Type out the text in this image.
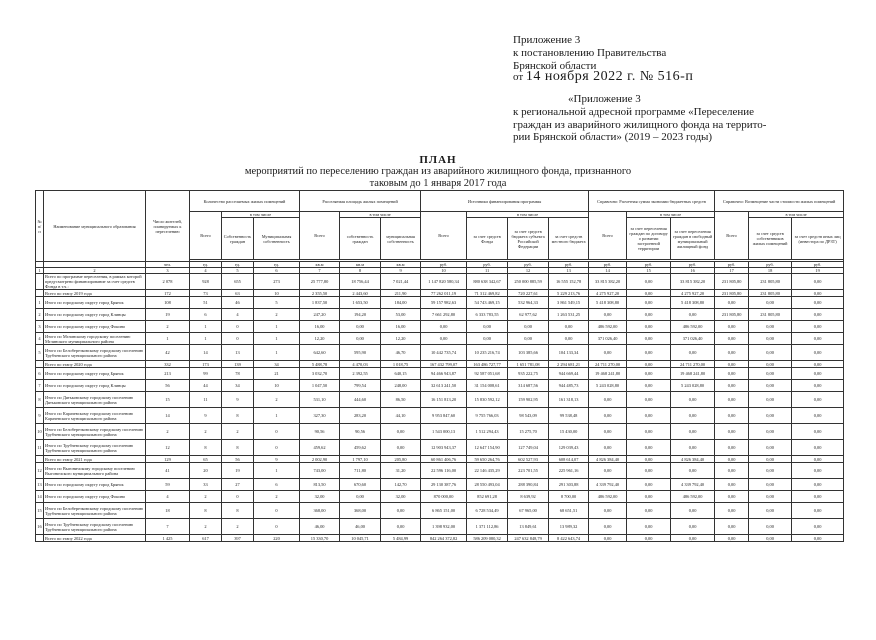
Приложение 3
к постановлению Правительства
Брянской области
от 14 ноября 2022 г. № 516-п
«Приложение 3
к региональной адресной программе «Переселение
граждан из аварийного жилищного фонда на террито-
рии Брянской области» (2019 – 2023 годы)
ПЛАН
мероприятий по переселению граждан из аварийного жилищного фонда, признанного
таковым до 1 января 2017 года
№ п/п	Наименование муниципального образования	Число жителей, планируемых к переселению	Количество расселяемых жилых помещений			Расселяемая площадь жилых помещений			Источники финансирования программы				Справочно: Расчетная сумма экономии бюджетных средств			Справочно: Возмещение части стоимости жилых помещений		
			Всего	в том числе		Всего	в том числе		Всего	в том числе			Всего	в том числе		Всего	в том числе	
				Собственность граждан	Муниципальная собственность		собственность граждан	муниципальная собственность		за счет средств Фонда	за счет средств бюджета субъекта Российской Федерации	за счет средств местного бюджета		за счет переселения граждан по договору о развитии застроенной территории	за счет переселения граждан в свободный муниципальный жилищный фонд		за счет средств собственников жилых помещений	за счет средств иных лиц (инвестора по ДРЗТ)

		чел.	ед.	ед.	ед.	кв.м	кв.м	кв.м	руб.	руб.	руб.	руб.	руб.	руб.	руб.	руб.	руб.	руб.
1	2	3	4	5	6	7	8	9	10	11	12	13	14	15	16	17	18	19
	Всего по программе переселения, в рамках которой предусмотрено финансирование за счет средств Фонда в т.ч.:	2 078	928	655	273	25 777,80	18 756,44	7 021,44	1 147 820 580,34	880 638 342,67	250 000 885,59	16 555 152,78	33 815 382,20	0,00	33 815 382,20	231 805,80	231 805,80	0,00
	Всего по этапу 2019 года	172	73	63	10	2 355,50	2 443,60	211,90	77 262 011,19	71 312 469,82	720 227,61	5 229 213,76	4 275 927,20	0,00	4 275 927,20	231 805,80	231 805,80	0,00
1	Итого по городскому округу город Брянск	108	51	46	5	1 837,50	1 653,50	184,00	59 157 982,63	54 743 469,15	532 964,33	3 861 549,15	5 418 308,80	0,00	5 418 308,80	0,00	0,00	0,00
2	Итого по городскому округу город Клинцы	19	6	4	2	247,20	194,20	53,00	7 661 292,80	6 333 783,55	62 977,62	1 263 531,25	0,00	0,00	0,00	231 805,80	231 805,80	0,00
3	Итого по городскому округу город Фокино	2	1	0	1	16,00	0,00	16,00	0,00	0,00	0,00	0,00	486 592,00	0,00	486 592,00	0,00	0,00	0,00
4	Итого по Мглинскому городскому поселению Мглинского муниципального района	1	1	0	1	12,20	0,00	12,20	0,00	0,00	0,00	0,00	371 026,40	0,00	371 026,40	0,00	0,00	0,00
5	Итого по Белоберезковскому городскому поселению Трубчевского муниципального района	42	14	13	1	642,60	595,90	46,70	10 442 735,74	10 235 216,74	103 385,66	104 133,34	0,00	0,00	0,00	0,00	0,00	0,00
	Всего по этапу 2020 года	332	173	139	34	5 488,78	4 470,03	1 018,75	167 432 799,07	163 486 727,77	1 651 781,08	2 294 681,21	24 711 270,00	0,00	24 711 270,00	0,00	0,00	0,00
6	Итого по городскому округу город Брянск	213	99	78	21	3 032,70	2 392,55	640,15	94 466 943,87	92 587 051,68	935 222,75	944 669,44	19 468 241,80	0,00	19 468 241,80	0,00	0,00	0,00
7	Итого по городскому округу город Клинцы	56	44	34	10	1 047,50	799,54	248,00	32 613 241,50	31 154 008,61	314 687,56	944 485,73	5 243 028,80	0,00	5 243 028,80	0,00	0,00	0,00
8	Итого по Дятьковскому городскому поселению Дятьковского муниципального района	15	11	9	2	531,10	444,60	86,50	16 151 813,20	15 830 592,12	159 902,95	161 318,13	0,00	0,00	0,00	0,00	0,00	0,00
9	Итого по Карачевскому городскому поселению Карачевского муниципального района	14	9	8	1	327,30	283,20	44,10	9 953 847,60	9 755 766,03	98 543,09	99 538,48	0,00	0,00	0,00	0,00	0,00	0,00
10	Итого по Белоберезковскому городскому поселению Трубчевского муниципального района	2	2	2	0	90,56	90,56	0,00	1 543 000,13	1 512 294,43	15 275,70	15 430,00	0,00	0,00	0,00	0,00	0,00	0,00
11	Итого по Трубчевскому городскому поселению Трубчевского муниципального района	12	8	8	0	459,62	459,62	0,00	12 903 943,37	12 647 154,90	127 749,04	129 039,43	0,00	0,00	0,00	0,00	0,00	0,00
	Всего по этапу 2021 года	129	65	56	9	2 002,90	1 797,10	205,80	60 861 406,76	59 650 264,76	602 527,93	608 614,07	4 826 384,40	0,00	4 826 384,40	0,00	0,00	0,00
12	Итого по Выгоничскому городскому поселению Выгоничского муниципального района	41	20	19	1	743,00	711,80	31,20	22 596 116,00	22 146 435,29	223 701,55	225 961,16	0,00	0,00	0,00	0,00	0,00	0,00
13	Итого по городскому округу город Брянск	59	33	27	6	813,50	670,60	142,70	29 130 387,76	28 550 493,04	288 390,84	291 303,88	4 339 792,40	0,00	4 339 792,40	0,00	0,00	0,00
14	Итого по городскому округу город Фокино	4	2	0	2	32,00	0,00	32,00	870 000,00	852 691,28	8 639,92	8 700,00	486 592,00	0,00	486 592,00	0,00	0,00	0,00
15	Итого по Белоберезковскому городскому поселению Трубчевского муниципального района	18	8	8	0	368,00	368,00	0,00	6 865 151,00	6 728 534,49	67 965,00	68 651,51	0,00	0,00	0,00	0,00	0,00	0,00
16	Итого по Трубчевскому городскому поселению Трубчевского муниципального района	7	2	2	0	46,00	46,00	0,00	1 398 932,00	1 371 112,86	13 849,61	13 989,32	0,00	0,00	0,00	0,00	0,00	0,00
	Всего по этапу 2022 года	1 425	617	397	220	15 330,70	10 045,71	5 484,99	842 264 372,82	586 209 080,32	247 632 848,79	8 422 643,74	0,00	0,00	0,00	0,00	0,00	0,00
